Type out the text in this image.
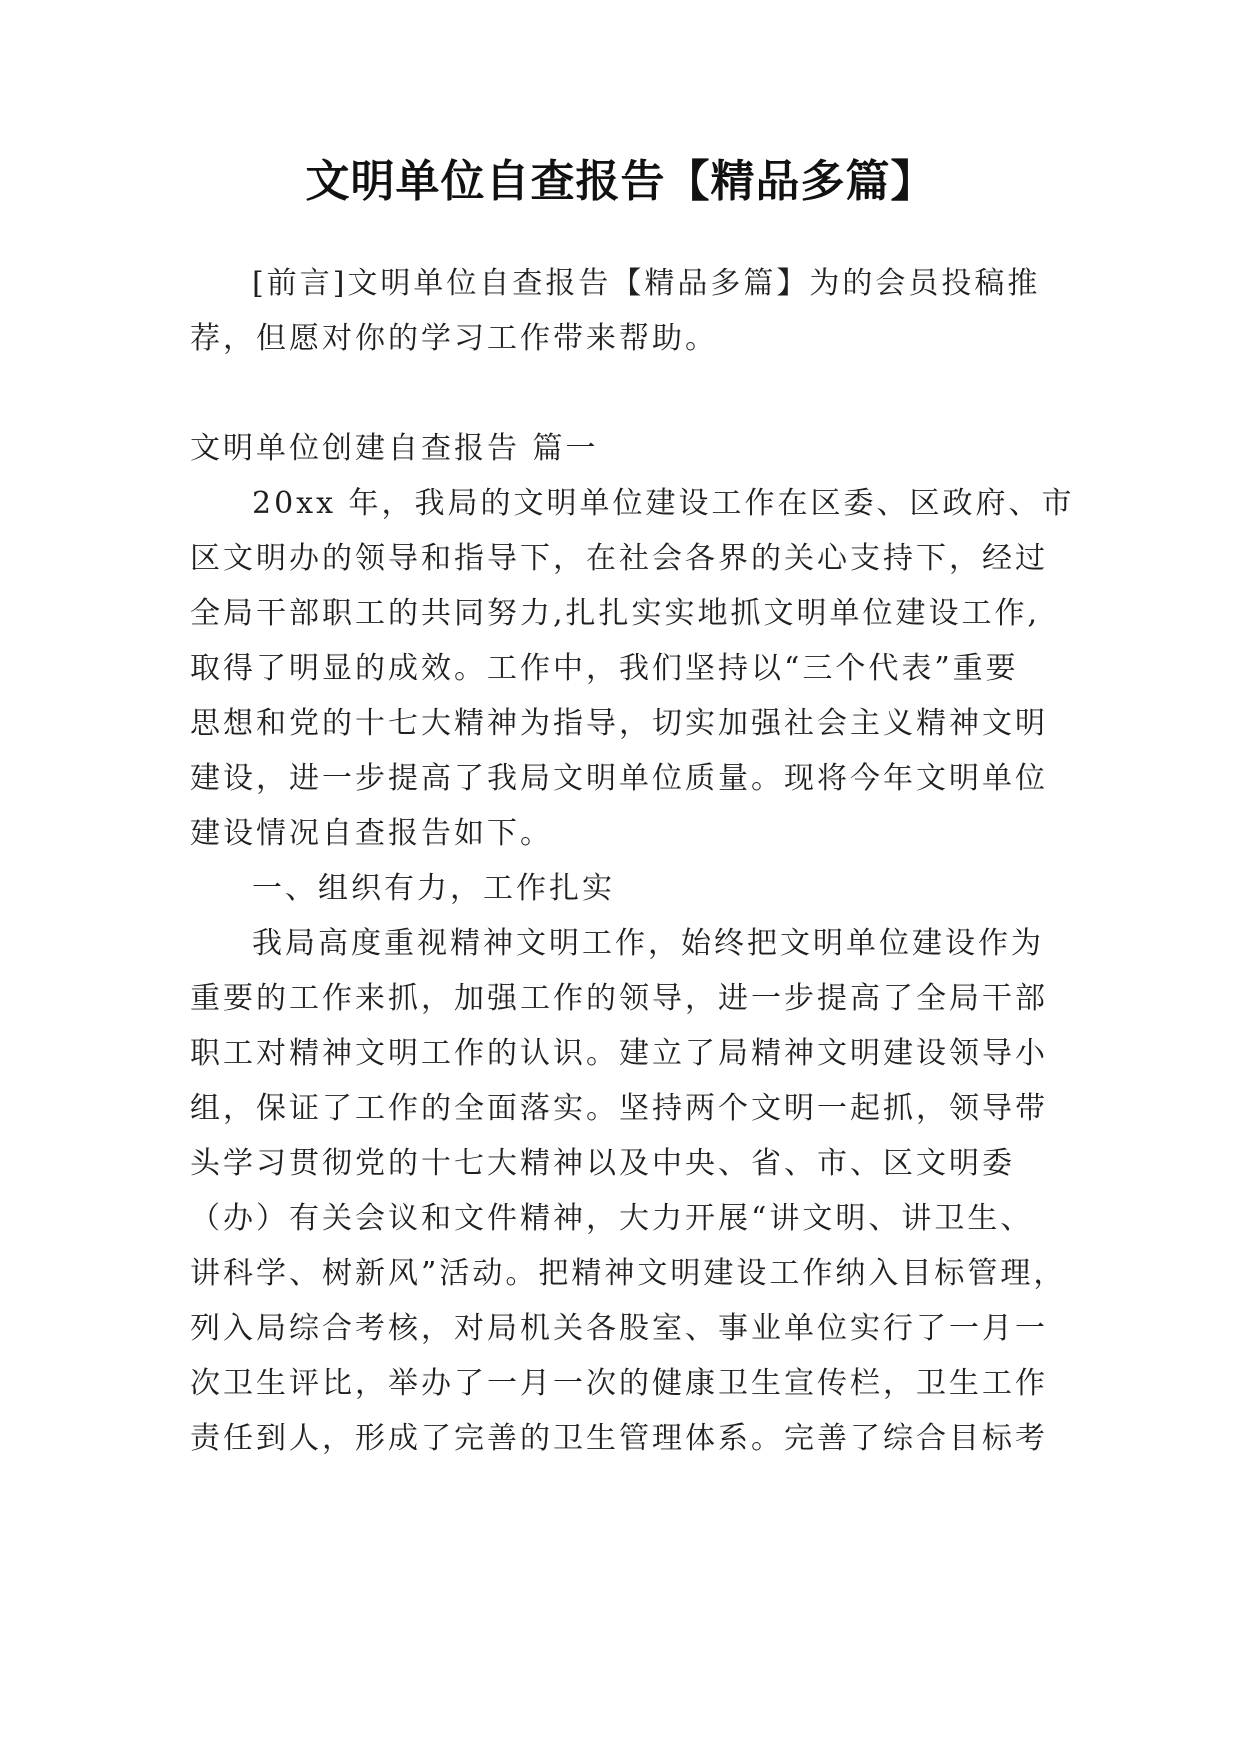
文明单位自查报告【精品多篇】
[前言]文明单位自查报告【精品多篇】为的会员投稿推
荐，但愿对你的学习工作带来帮助。
文明单位创建自查报告 篇一
20xx 年，我局的文明单位建设工作在区委、区政府、市
区文明办的领导和指导下，在社会各界的关心支持下，经过
全局干部职工的共同努力,扎扎实实地抓文明单位建设工作,
取得了明显的成效。工作中，我们坚持以“三个代表”重要
思想和党的十七大精神为指导，切实加强社会主义精神文明
建设，进一步提高了我局文明单位质量。现将今年文明单位
建设情况自查报告如下。
一、组织有力，工作扎实
我局高度重视精神文明工作，始终把文明单位建设作为
重要的工作来抓，加强工作的领导，进一步提高了全局干部
职工对精神文明工作的认识。建立了局精神文明建设领导小
组，保证了工作的全面落实。坚持两个文明一起抓，领导带
头学习贯彻党的十七大精神以及中央、省、市、区文明委
（办）有关会议和文件精神，大力开展“讲文明、讲卫生、
讲科学、树新风”活动。把精神文明建设工作纳入目标管理，
列入局综合考核，对局机关各股室、事业单位实行了一月一
次卫生评比，举办了一月一次的健康卫生宣传栏，卫生工作
责任到人，形成了完善的卫生管理体系。完善了综合目标考
